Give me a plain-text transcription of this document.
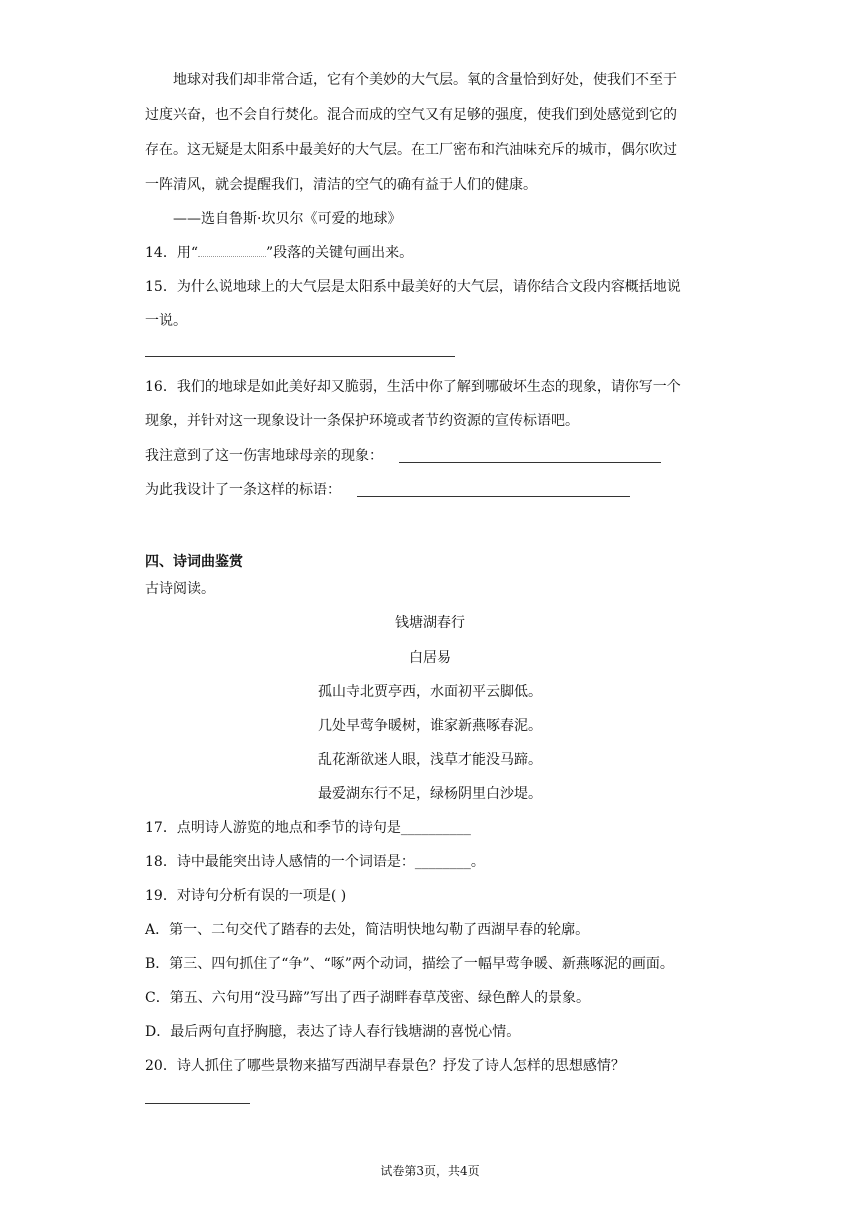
地球对我们却非常合适，它有个美妙的大气层。氧的含量恰到好处，使我们不至于
过度兴奋，也不会自行焚化。混合而成的空气又有足够的强度，使我们到处感觉到它的
存在。这无疑是太阳系中最美好的大气层。在工厂密布和汽油味充斥的城市，偶尔吹过
一阵清风，就会提醒我们，清洁的空气的确有益于人们的健康。
——选自鲁斯·坎贝尔《可爱的地球》
14．用“	”段落的关键句画出来。
15．为什么说地球上的大气层是太阳系中最美好的大气层，请你结合文段内容概括地说
一说。
16．我们的地球是如此美好却又脆弱，生活中你了解到哪破坏生态的现象，请你写一个
现象，并针对这一现象设计一条保护环境或者节约资源的宣传标语吧。
我注意到了这一伤害地球母亲的现象：
为此我设计了一条这样的标语：
四、诗词曲鉴赏
古诗阅读。
钱塘湖春行
白居易
孤山寺北贾亭西，水面初平云脚低。
几处早莺争暖树，谁家新燕啄春泥。
乱花渐欲迷人眼，浅草才能没马蹄。
最爱湖东行不足，绿杨阴里白沙堤。
17．点明诗人游览的地点和季节的诗句是__________
18．诗中最能突出诗人感情的一个词语是：________。
19．对诗句分析有误的一项是( )
A．第一、二句交代了踏春的去处，简洁明快地勾勒了西湖早春的轮廓。
B．第三、四句抓住了“争”、“啄”两个动词，描绘了一幅早莺争暖、新燕啄泥的画面。
C．第五、六句用“没马蹄”写出了西子湖畔春草茂密、绿色醉人的景象。
D．最后两句直抒胸臆，表达了诗人春行钱塘湖的喜悦心情。
20．诗人抓住了哪些景物来描写西湖早春景色？抒发了诗人怎样的思想感情？
试卷第3页，共4页
